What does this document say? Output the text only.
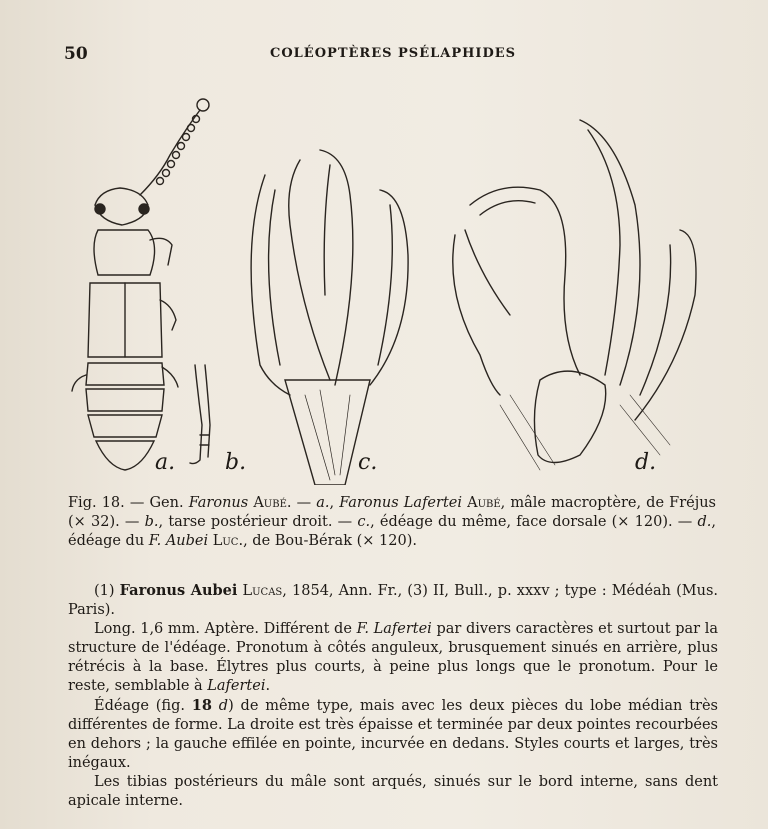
50	COLÉOPTÈRES PSÉLAPHIDES
a. b.	c.	d.
Fig. 18. — Gen. Faronus Aubé. — a., Faronus Lafertei Aubé, mâle macroptère, de Fréjus (× 32). — b., tarse postérieur droit. — c., édéage du même, face dorsale (× 120). — d., édéage du F. Aubei Luc., de Bou-Bérak (× 120).

(1) Faronus Aubei Lucas, 1854, Ann. Fr., (3) II, Bull., p. xxxv ; type : Médéah (Mus. Paris).

Long. 1,6 mm. Aptère. Différent de F. Lafertei par divers caractères et surtout par la structure de l'édéage. Pronotum à côtés anguleux, brusquement sinués en arrière, plus rétrécis à la base. Élytres plus courts, à peine plus longs que le pronotum. Pour le reste, semblable à Lafertei.

Édéage (fig. 18 d) de même type, mais avec les deux pièces du lobe médian très différentes de forme. La droite est très épaisse et terminée par deux pointes recourbées en dehors ; la gauche effilée en pointe, incurvée en dedans. Styles courts et larges, très inégaux.

Les tibias postérieurs du mâle sont arqués, sinués sur le bord interne, sans dent apicale interne.
